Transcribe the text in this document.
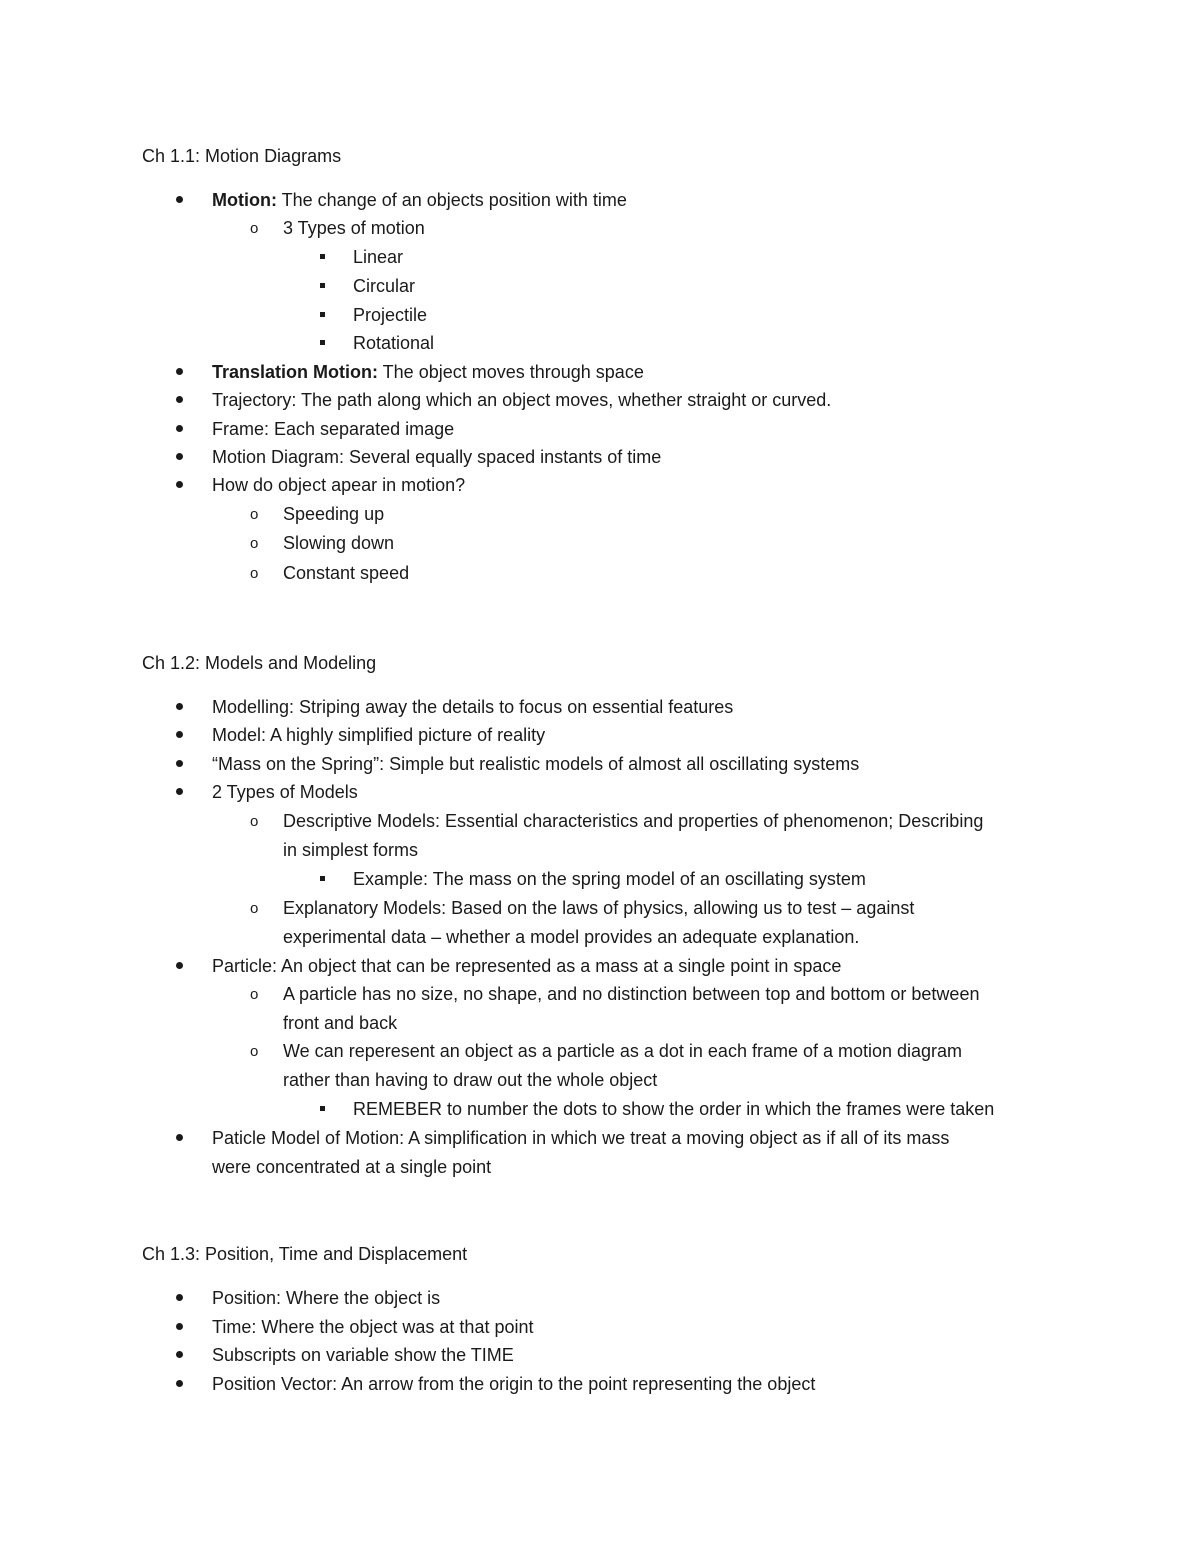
Ch 1.1: Motion Diagrams
Motion: The change of an objects position with time
o 3 Types of motion
Linear
Circular
Projectile
Rotational
Translation Motion: The object moves through space
Trajectory: The path along which an object moves, whether straight or curved.
Frame: Each separated image
Motion Diagram: Several equally spaced instants of time
How do object apear in motion?
o Speeding up
o Slowing down
o Constant speed
Ch 1.2: Models and Modeling
Modelling: Striping away the details to focus on essential features
Model: A highly simplified picture of reality
“Mass on the Spring”: Simple but realistic models of almost all oscillating systems
2 Types of Models
o Descriptive Models: Essential characteristics and properties of phenomenon; Describing
in simplest forms
Example: The mass on the spring model of an oscillating system
o Explanatory Models: Based on the laws of physics, allowing us to test – against
experimental data – whether a model provides an adequate explanation.
Particle: An object that can be represented as a mass at a single point in space
o A particle has no size, no shape, and no distinction between top and bottom or between
front and back
o We can reperesent an object as a particle as a dot in each frame of a motion diagram
rather than having to draw out the whole object
REMEBER to number the dots to show the order in which the frames were taken
Paticle Model of Motion: A simplification in which we treat a moving object as if all of its mass
were concentrated at a single point
Ch 1.3: Position, Time and Displacement
Position: Where the object is
Time: Where the object was at that point
Subscripts on variable show the TIME
Position Vector: An arrow from the origin to the point representing the object
